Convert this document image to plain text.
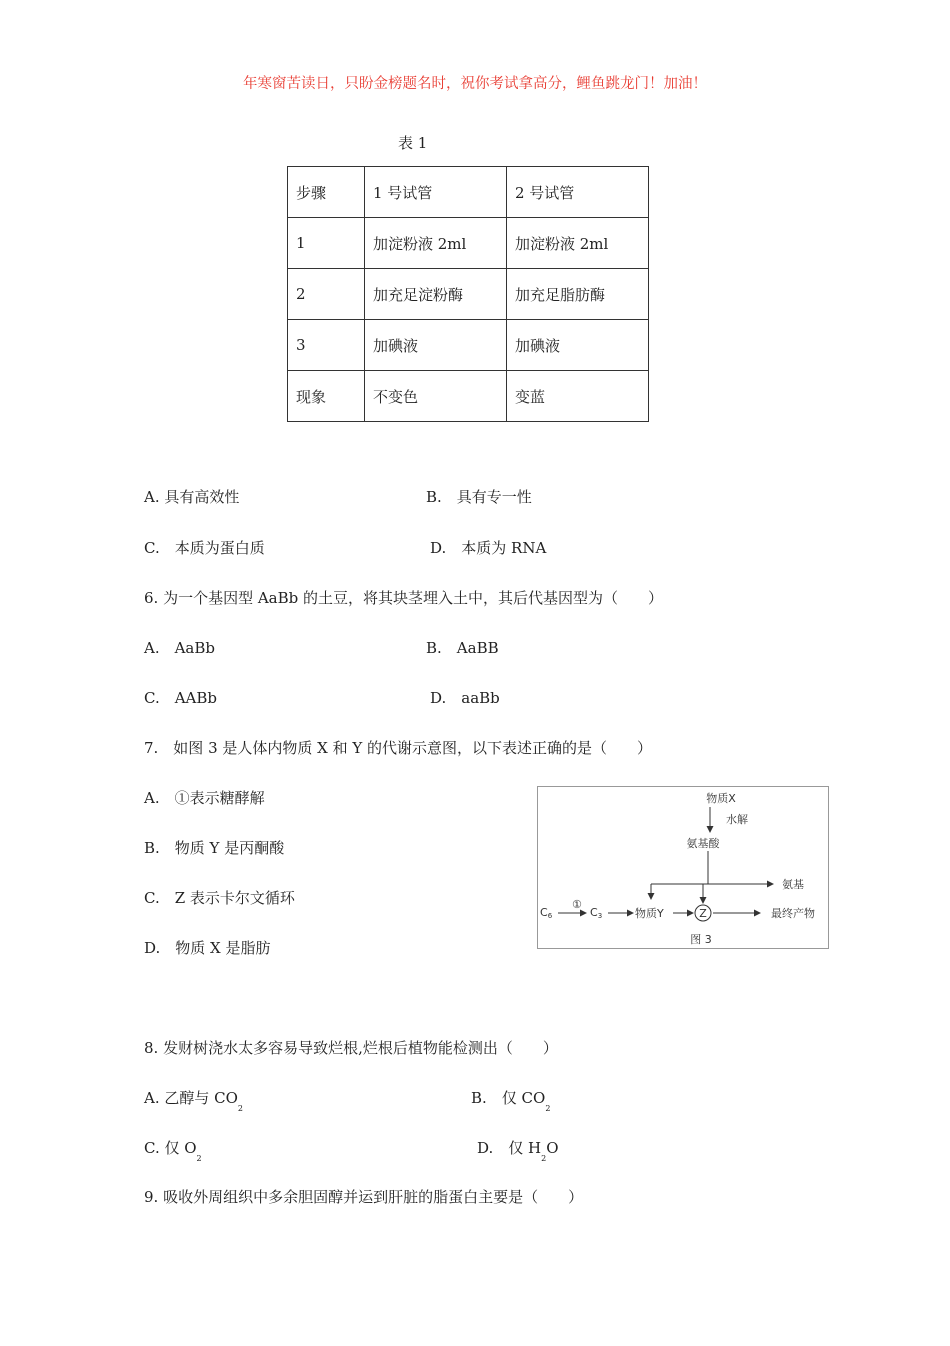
年寒窗苦读日，只盼金榜题名时，祝你考试拿高分，鲤鱼跳龙门！加油！
表 1
步骤	1 号试管	2 号试管
1	加淀粉液 2ml	加淀粉液 2ml
2	加充足淀粉酶	加充足脂肪酶
3	加碘液	加碘液
现象	不变色	变蓝
A. 具有高效性	B.　具有专一性
C.　本质为蛋白质	D.　本质为 RNA
6. 为一个基因型 AaBb 的土豆，将其块茎埋入土中，其后代基因型为（　　）
A.　AaBb	B.　AaBB
C.　AABb	D.　aaBb
7.　如图 3 是人体内物质 X 和 Y 的代谢示意图，以下表述正确的是（　　）
A.　①表示糖酵解
B.　物质 Y 是丙酮酸
C.　Z 表示卡尔文循环
D.　物质 X 是脂肪
物质X
水解
氨基酸
氨基
C6
①
C3	物质Y	Z	最终产物
图 3
8. 发财树浇水太多容易导致烂根,烂根后植物能检测出（　　）
A. 乙醇与 $CO_2$
B.　仅 $CO_2$
C. 仅 $O_2$
D.　仅 $H_2O$
9. 吸收外周组织中多余胆固醇并运到肝脏的脂蛋白主要是（　　）
